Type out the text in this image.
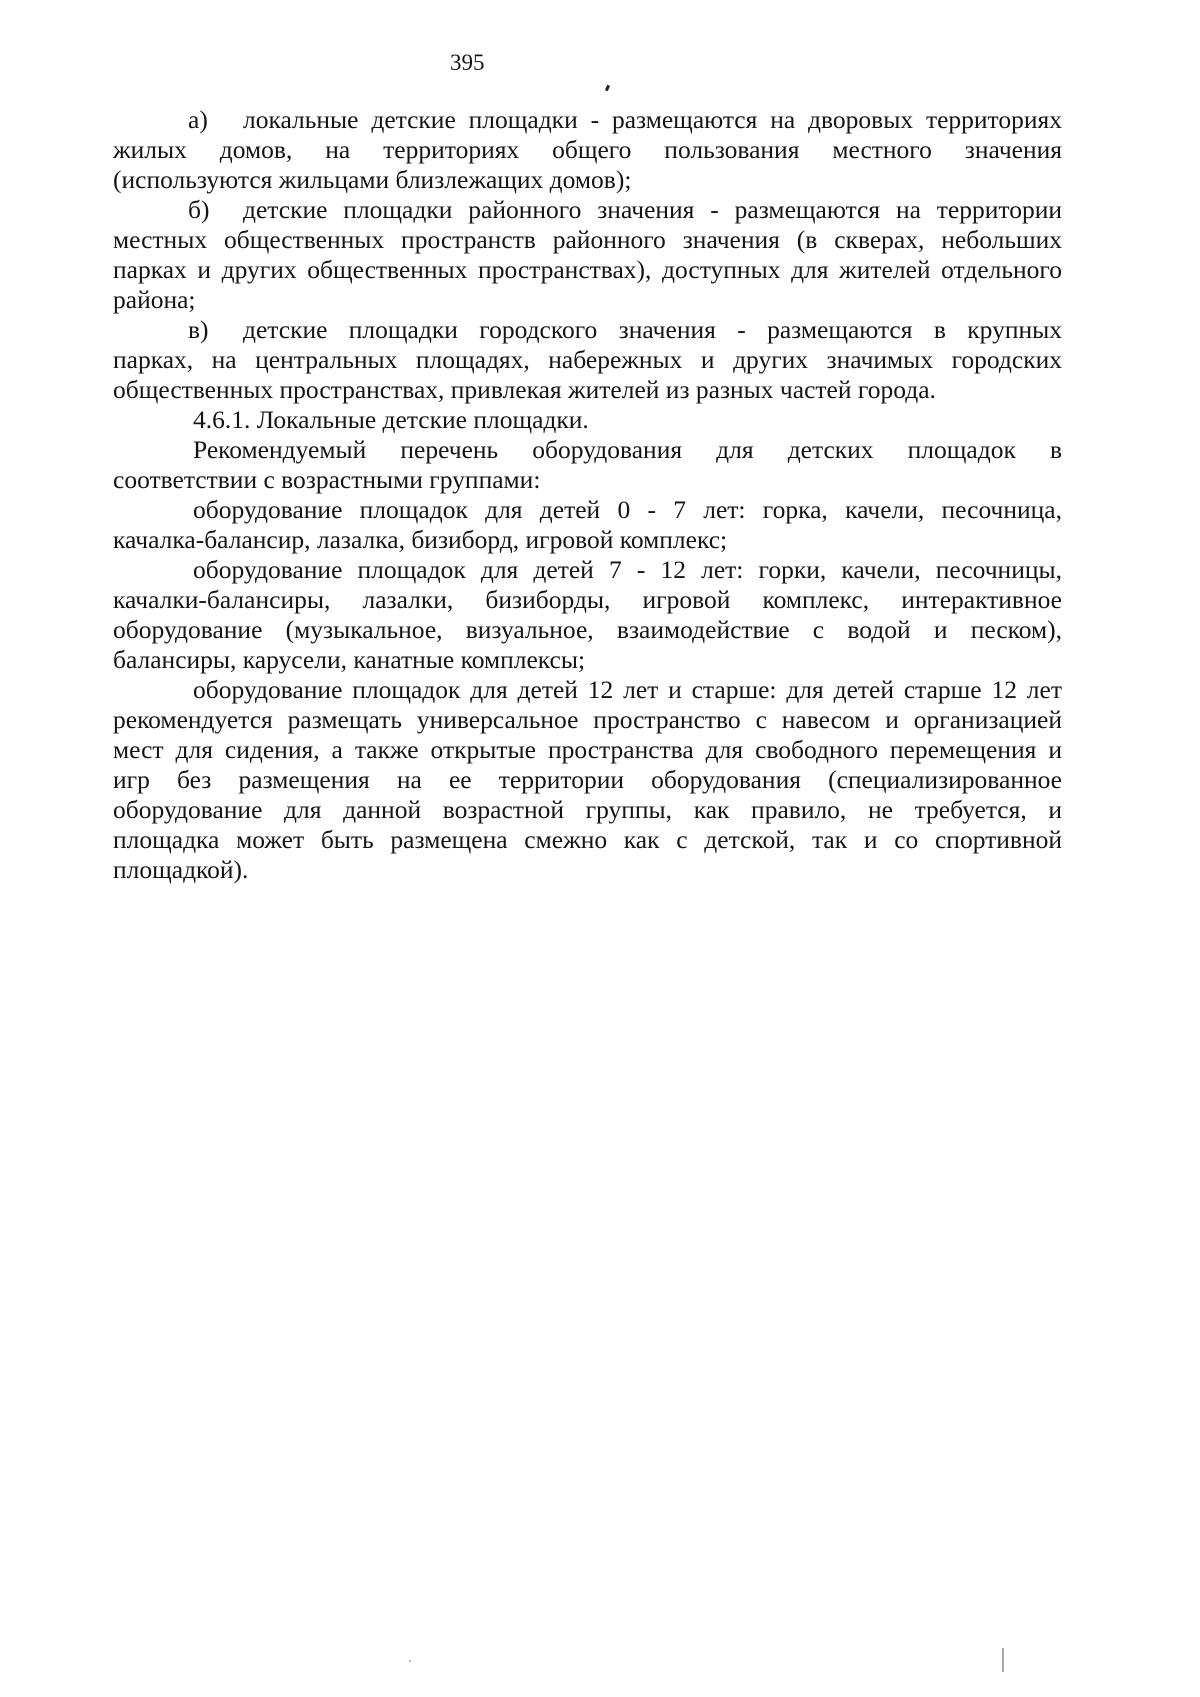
395
а)	локальные детские площадки - размещаются на дворовых территориях
жилых домов, на территориях общего пользования местного значения
(используются жильцами близлежащих домов);
б)	детские площадки районного значения - размещаются на территории
местных общественных пространств районного значения (в скверах, небольших
парках и других общественных пространствах), доступных для жителей отдельного
района;
в)	детские площадки городского значения - размещаются в крупных
парках, на центральных площадях, набережных и других значимых городских
общественных пространствах, привлекая жителей из разных частей города.
4.6.1. Локальные детские площадки.
Рекомендуемый перечень оборудования для детских площадок в
соответствии с возрастными группами:
оборудование площадок для детей 0 - 7 лет: горка, качели, песочница,
качалка-балансир, лазалка, бизиборд, игровой комплекс;
оборудование площадок для детей 7 - 12 лет: горки, качели, песочницы,
качалки-балансиры, лазалки, бизиборды, игровой комплекс, интерактивное
оборудование (музыкальное, визуальное, взаимодействие с водой и песком),
балансиры, карусели, канатные комплексы;
оборудование площадок для детей 12 лет и старше: для детей старше 12 лет
рекомендуется размещать универсальное пространство с навесом и организацией
мест для сидения, а также открытые пространства для свободного перемещения и
игр без размещения на ее территории оборудования (специализированное
оборудование для данной возрастной группы, как правило, не требуется, и
площадка может быть размещена смежно как с детской, так и со спортивной
площадкой).
